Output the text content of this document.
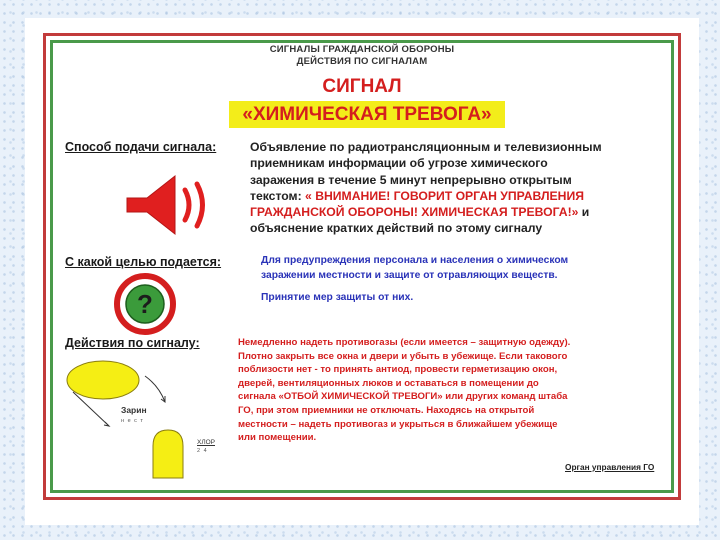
СИГНАЛЫ ГРАЖДАНСКОЙ ОБОРОНЫ
ДЕЙСТВИЯ ПО СИГНАЛАМ
СИГНАЛ
«ХИМИЧЕСКАЯ ТРЕВОГА»
Способ подачи сигнала:	Объявление по радиотрансляционным и телевизионным
приемникам информации об угрозе химического
заражения в течение 5 минут непрерывно открытым
текстом: « ВНИМАНИЕ! ГОВОРИТ ОРГАН УПРАВЛЕНИЯ
ГРАЖДАНСКОЙ ОБОРОНЫ! ХИМИЧЕСКАЯ ТРЕВОГА!» и
объяснение кратких действий по этому сигналу
С какой целью подается:	Для предупреждения персонала и населения о химическом
заражении местности и защите от отравляющих веществ.
Принятие мер защиты от них.
?
Действия по сигналу:	Немедленно надеть противогазы (если имеется – защитную одежду).
Плотно закрыть все окна и двери и убыть в убежище. Если такового
поблизости нет - то принять антиод, провести герметизацию окон,
дверей, вентиляционных люков и оставаться в помещении до
сигнала «ОТБОЙ ХИМИЧЕСКОЙ ТРЕВОГИ» или других команд штаба
ГО, при этом приемники не отключать. Находясь на открытой
местности – надеть противогаз и укрыться в ближайшем убежище
или помещении.
Зарин
н е с т
ХЛОР
2 4
Орган управления ГО
